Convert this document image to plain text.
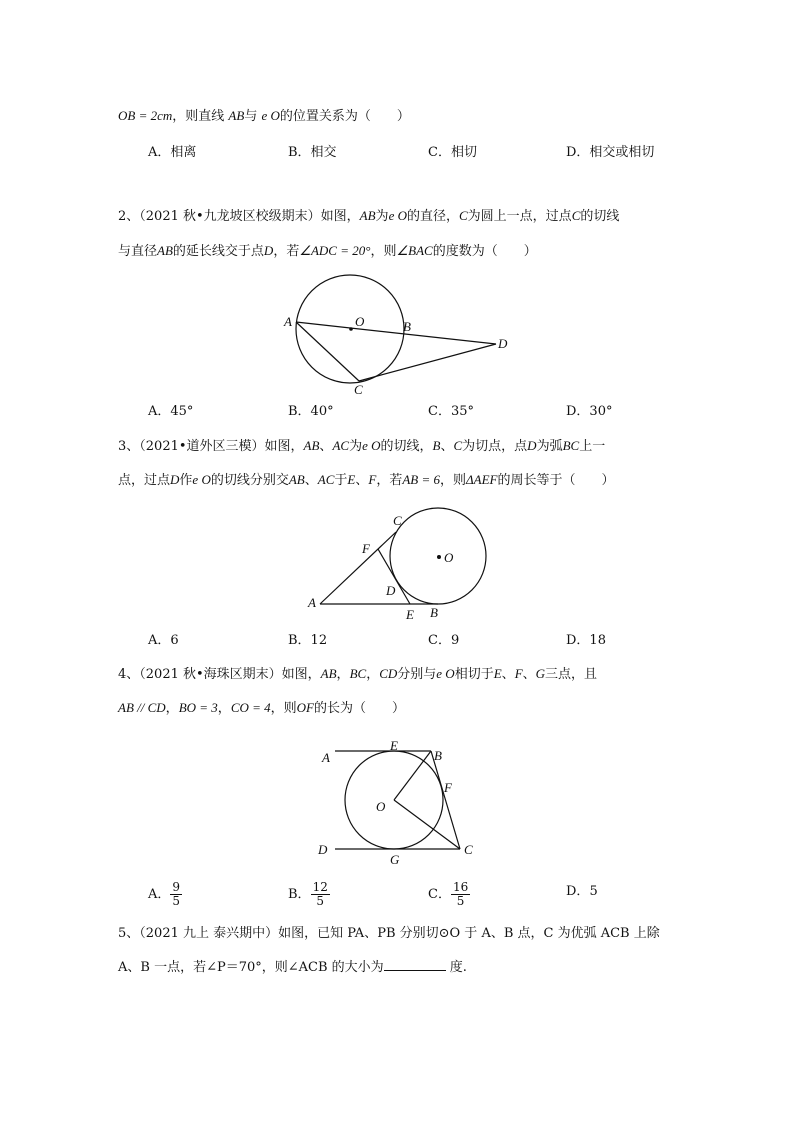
OB = 2cm，则直线 AB与 e O的位置关系为（　　）
A．相离	B．相交	C．相切	D．相交或相切
2、（2021 秋•九龙坡区校级期末）如图，AB为e O的直径，C为圆上一点，过点C的切线
与直径AB的延长线交于点D，若∠ADC = 20°，则∠BAC的度数为（　　）
A	O	B
D
C
A．45°	B．40°	C．35°	D．30°
3、（2021•道外区三模）如图，AB、AC为e O的切线，B、C为切点，点D为弧BC上一
点，过点D作e O的切线分别交AB、AC于E、F，若AB = 6，则ΔAEF的周长等于（　　）
C
F
O
D
A
E B
A．6	B．12	C．9	D．18
4、（2021 秋•海珠区期末）如图，AB，BC，CD分别与e O相切于E、F、G三点，且
AB // CD，BO = 3，CO = 4，则OF的长为（　　）
A
E
B
F
O
D
G
C
A． $\frac{9}{5}$	B． $\frac{12}{5}$	C． $\frac{16}{5}$	D．5
5、（2021 九上 泰兴期中）如图，已知 PA、PB 分别切⊙O 于 A、B 点，C 为优弧 ACB 上除
A、B 一点，若∠P＝70°，则∠ACB 的大小为	度.
